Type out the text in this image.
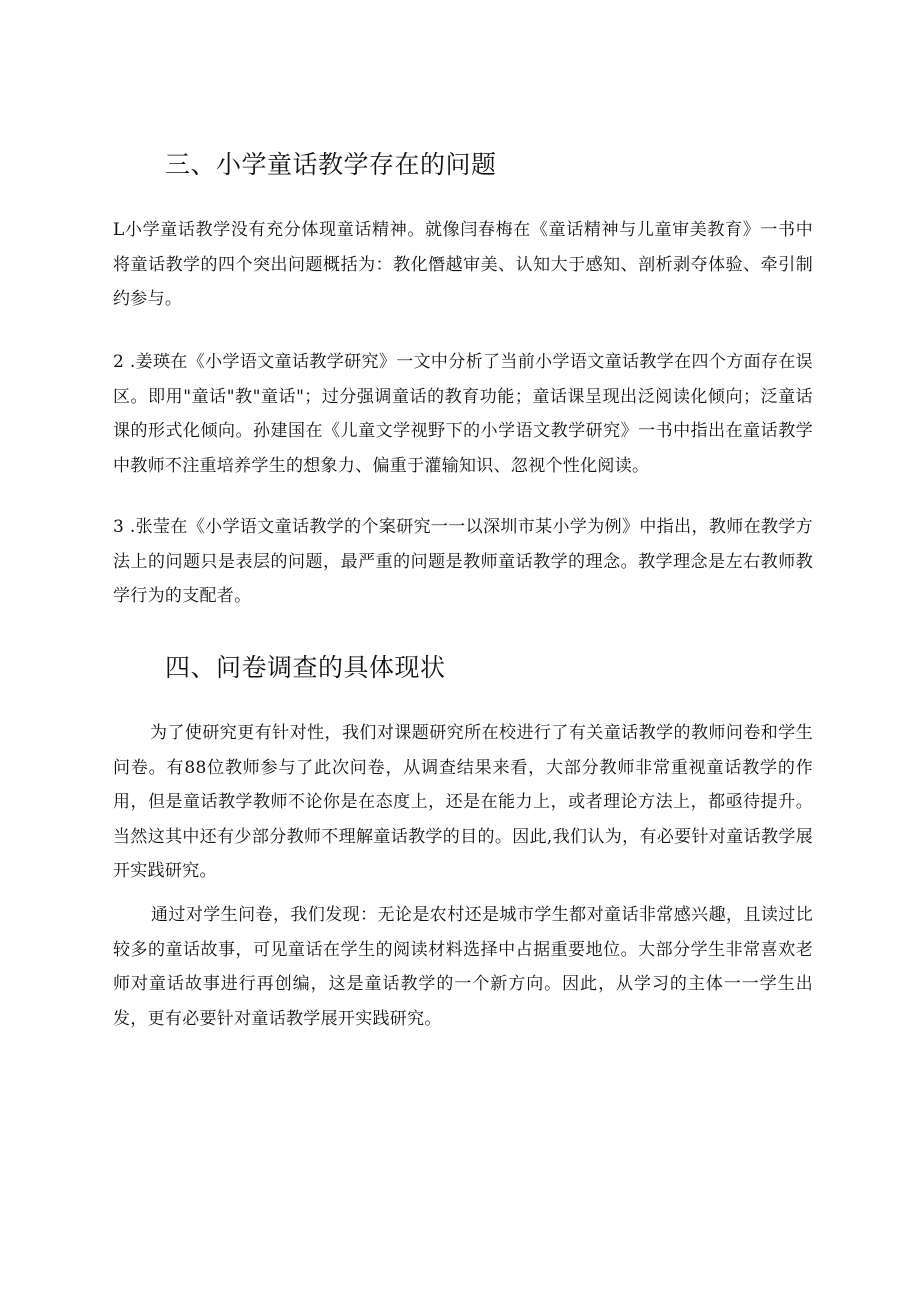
三、小学童话教学存在的问题

L小学童话教学没有充分体现童话精神。就像闫春梅在《童话精神与儿童审美教育》一书中将童话教学的四个突出问题概括为：教化僭越审美、认知大于感知、剖析剥夺体验、牵引制约参与。

2 .姜瑛在《小学语文童话教学研究》一文中分析了当前小学语文童话教学在四个方面存在误区。即用"童话"教"童话"；过分强调童话的教育功能；童话课呈现出泛阅读化倾向；泛童话课的形式化倾向。孙建国在《儿童文学视野下的小学语文教学研究》一书中指出在童话教学中教师不注重培养学生的想象力、偏重于灌输知识、忽视个性化阅读。

3 .张莹在《小学语文童话教学的个案研究一一以深圳市某小学为例》中指出，教师在教学方法上的问题只是表层的问题，最严重的问题是教师童话教学的理念。教学理念是左右教师教学行为的支配者。

四、问卷调查的具体现状

为了使研究更有针对性，我们对课题研究所在校进行了有关童话教学的教师问卷和学生问卷。有88位教师参与了此次问卷，从调查结果来看，大部分教师非常重视童话教学的作用，但是童话教学教师不论你是在态度上，还是在能力上，或者理论方法上，都亟待提升。当然这其中还有少部分教师不理解童话教学的目的。因此,我们认为，有必要针对童话教学展开实践研究。

通过对学生问卷，我们发现：无论是农村还是城市学生都对童话非常感兴趣，且读过比较多的童话故事，可见童话在学生的阅读材料选择中占据重要地位。大部分学生非常喜欢老师对童话故事进行再创编，这是童话教学的一个新方向。因此，从学习的主体一一学生出发，更有必要针对童话教学展开实践研究。
